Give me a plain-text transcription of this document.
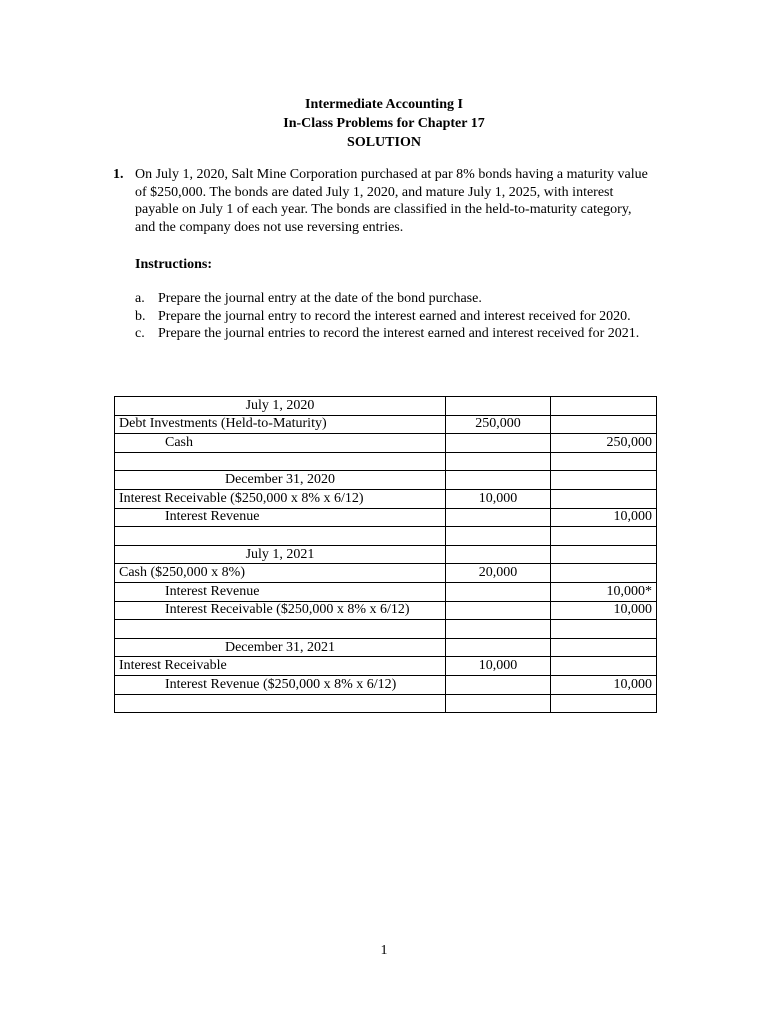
Intermediate Accounting I
In-Class Problems for Chapter 17
SOLUTION
1. On July 1, 2020, Salt Mine Corporation purchased at par 8% bonds having a maturity value of $250,000. The bonds are dated July 1, 2020, and mature July 1, 2025, with interest payable on July 1 of each year. The bonds are classified in the held-to-maturity category, and the company does not use reversing entries.
Instructions:
a. Prepare the journal entry at the date of the bond purchase.
b. Prepare the journal entry to record the interest earned and interest received for 2020.
c. Prepare the journal entries to record the interest earned and interest received for 2021.
July 1, 2020		
Debt Investments (Held-to-Maturity)	250,000	
Cash		250,000

December 31, 2020		
Interest Receivable ($250,000 x 8% x 6/12)	10,000	
Interest Revenue		10,000

July 1, 2021		
Cash ($250,000 x 8%)	20,000	
Interest Revenue		10,000*
Interest Receivable ($250,000 x 8% x 6/12)		10,000

December 31, 2021		
Interest Receivable	10,000	
Interest Revenue ($250,000 x 8% x 6/12)		10,000

1
